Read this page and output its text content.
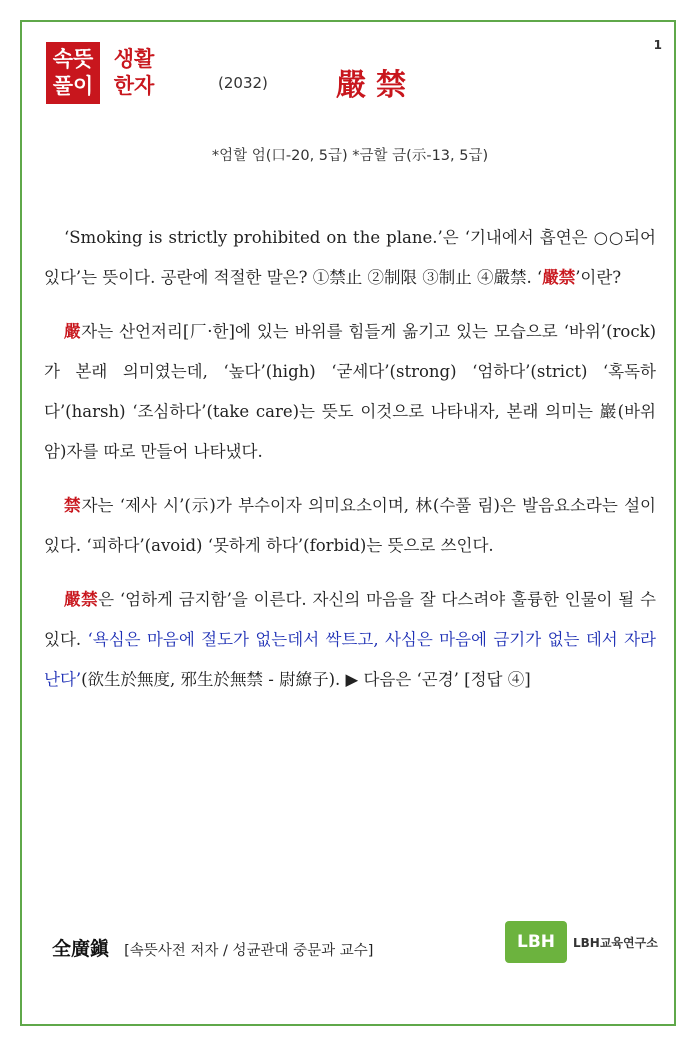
1
속뜻
풀이
생활
한자	(2032) 嚴禁
*엄할 엄(口-20, 5급) *금할 금(示-13, 5급)

‘Smoking is strictly prohibited on the plane.’은 ‘기내에서 흡연은 ○○되어 있다’는 뜻이다. 공란에 적절한 말은? ①禁止 ②制限 ③制止 ④嚴禁. ‘嚴禁’이란?

嚴자는 산언저리[厂·한]에 있는 바위를 힘들게 옮기고 있는 모습으로 ‘바위’(rock)가 본래 의미였는데, ‘높다’(high) ‘굳세다’(strong) ‘엄하다’(strict) ‘혹독하다’(harsh) ‘조심하다’(take care)는 뜻도 이것으로 나타내자, 본래 의미는 巖(바위 암)자를 따로 만들어 나타냈다.

禁자는 ‘제사 시’(示)가 부수이자 의미요소이며, 林(수풀 림)은 발음요소라는 설이 있다. ‘피하다’(avoid) ‘못하게 하다’(forbid)는 뜻으로 쓰인다.

嚴禁은 ‘엄하게 금지함’을 이른다. 자신의 마음을 잘 다스려야 훌륭한 인물이 될 수 있다. ‘욕심은 마음에 절도가 없는데서 싹트고, 사심은 마음에 금기가 없는 데서 자라난다’(欲生於無度, 邪生於無禁 - 尉繚子). ▶ 다음은 ‘곤경’ [정답 ④]

全廣鎭 [속뜻사전 저자 / 성균관대 중문과 교수]	LBH	LBH교육연구소
